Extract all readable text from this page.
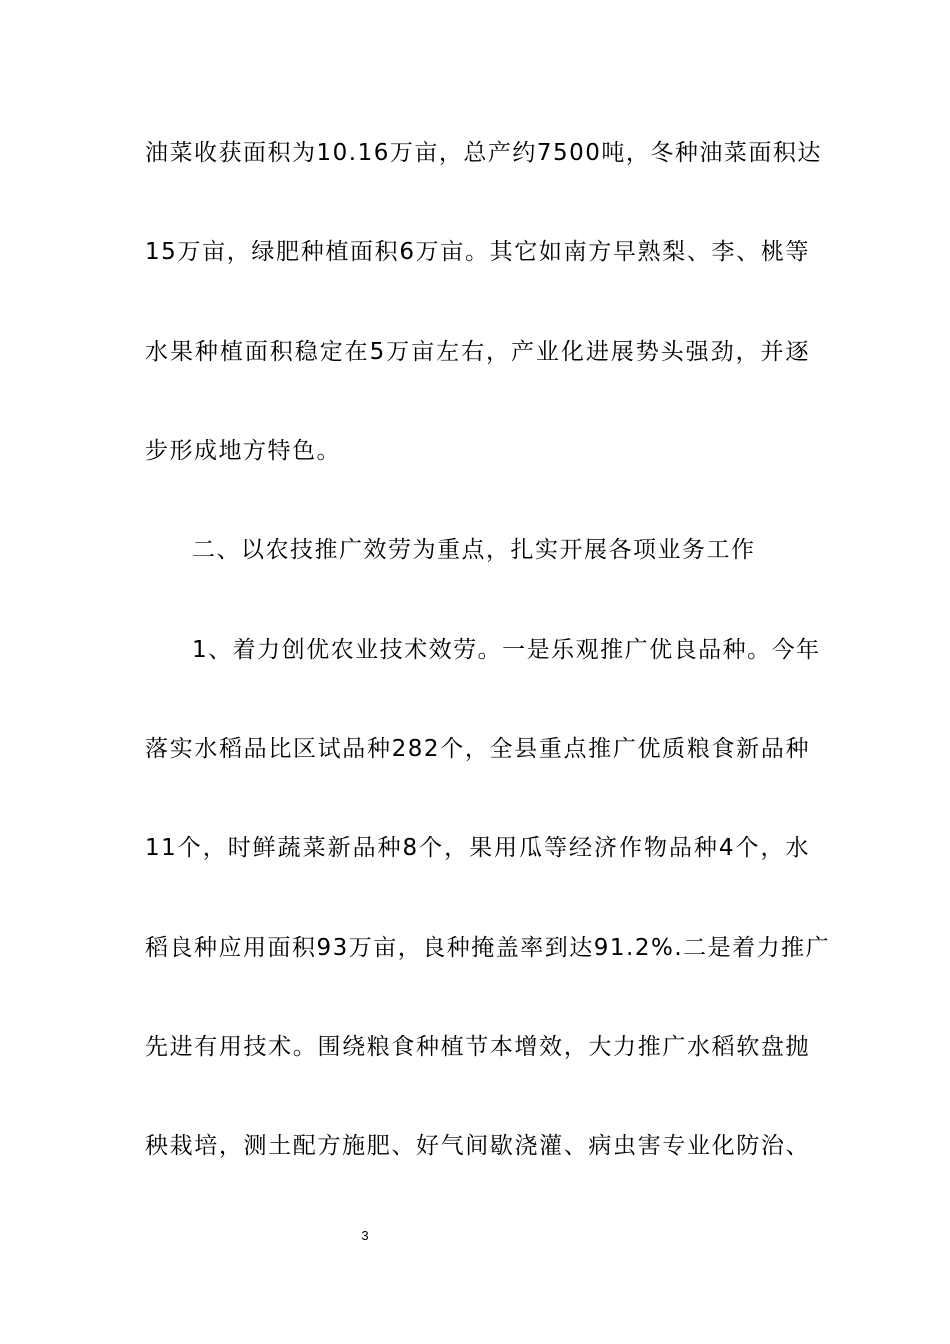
油菜收获面积为10.16万亩，总产约7500吨，冬种油菜面积达
15万亩，绿肥种植面积6万亩。其它如南方早熟梨、李、桃等
水果种植面积稳定在5万亩左右，产业化进展势头强劲，并逐
步形成地方特色。
二、以农技推广效劳为重点，扎实开展各项业务工作
1、着力创优农业技术效劳。一是乐观推广优良品种。今年
落实水稻品比区试品种282个，全县重点推广优质粮食新品种
11个，时鲜蔬菜新品种8个，果用瓜等经济作物品种4个，水
稻良种应用面积93万亩，良种掩盖率到达91.2%.二是着力推广
先进有用技术。围绕粮食种植节本增效，大力推广水稻软盘抛
秧栽培，测土配方施肥、好气间歇浇灌、病虫害专业化防治、
3
